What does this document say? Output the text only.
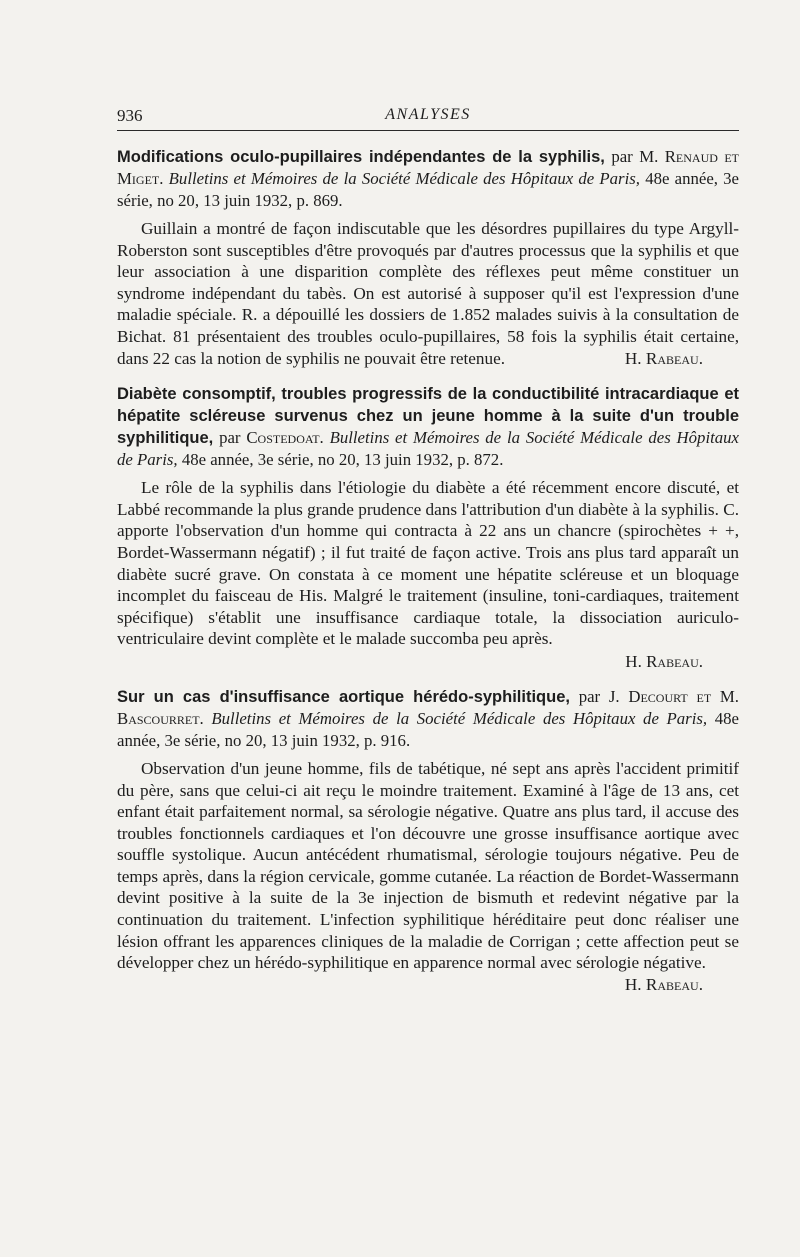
936	ANALYSES

Modifications oculo-pupillaires indépendantes de la syphilis, par M. Renaud et Miget. Bulletins et Mémoires de la Société Médicale des Hôpitaux de Paris, 48e année, 3e série, no 20, 13 juin 1932, p. 869.

Guillain a montré de façon indiscutable que les désordres pupillaires du type Argyll-Roberston sont susceptibles d'être provoqués par d'autres processus que la syphilis et que leur association à une disparition complète des réflexes peut même constituer un syndrome indépendant du tabès. On est autorisé à supposer qu'il est l'expression d'une maladie spéciale. R. a dépouillé les dossiers de 1.852 malades suivis à la consultation de Bichat. 81 présentaient des troubles oculo-pupillaires, 58 fois la syphilis était certaine, dans 22 cas la notion de syphilis ne pouvait être retenue.	H. Rabeau.

Diabète consomptif, troubles progressifs de la conductibilité intracardiaque et hépatite scléreuse survenus chez un jeune homme à la suite d'un trouble syphilitique, par Costedoat. Bulletins et Mémoires de la Société Médicale des Hôpitaux de Paris, 48e année, 3e série, no 20, 13 juin 1932, p. 872.

Le rôle de la syphilis dans l'étiologie du diabète a été récemment encore discuté, et Labbé recommande la plus grande prudence dans l'attribution d'un diabète à la syphilis. C. apporte l'observation d'un homme qui contracta à 22 ans un chancre (spirochètes + +, Bordet-Wassermann négatif) ; il fut traité de façon active. Trois ans plus tard apparaît un diabète sucré grave. On constata à ce moment une hépatite scléreuse et un bloquage incomplet du faisceau de His. Malgré le traitement (insuline, toni-cardiaques, traitement spécifique) s'établit une insuffisance cardiaque totale, la dissociation auriculo-ventriculaire devint complète et le malade succomba peu après.

H. Rabeau.

Sur un cas d'insuffisance aortique hérédo-syphilitique, par J. Decourt et M. Bascourret. Bulletins et Mémoires de la Société Médicale des Hôpitaux de Paris, 48e année, 3e série, no 20, 13 juin 1932, p. 916.

Observation d'un jeune homme, fils de tabétique, né sept ans après l'accident primitif du père, sans que celui-ci ait reçu le moindre traitement. Examiné à l'âge de 13 ans, cet enfant était parfaitement normal, sa sérologie négative. Quatre ans plus tard, il accuse des troubles fonctionnels cardiaques et l'on découvre une grosse insuffisance aortique avec souffle systolique. Aucun antécédent rhumatismal, sérologie toujours négative. Peu de temps après, dans la région cervicale, gomme cutanée. La réaction de Bordet-Wassermann devint positive à la suite de la 3e injection de bismuth et redevint négative par la continuation du traitement. L'infection syphilitique héréditaire peut donc réaliser une lésion offrant les apparences cliniques de la maladie de Corrigan ; cette affection peut se développer chez un hérédo-syphilitique en apparence normal avec sérologie négative.
H. Rabeau.
